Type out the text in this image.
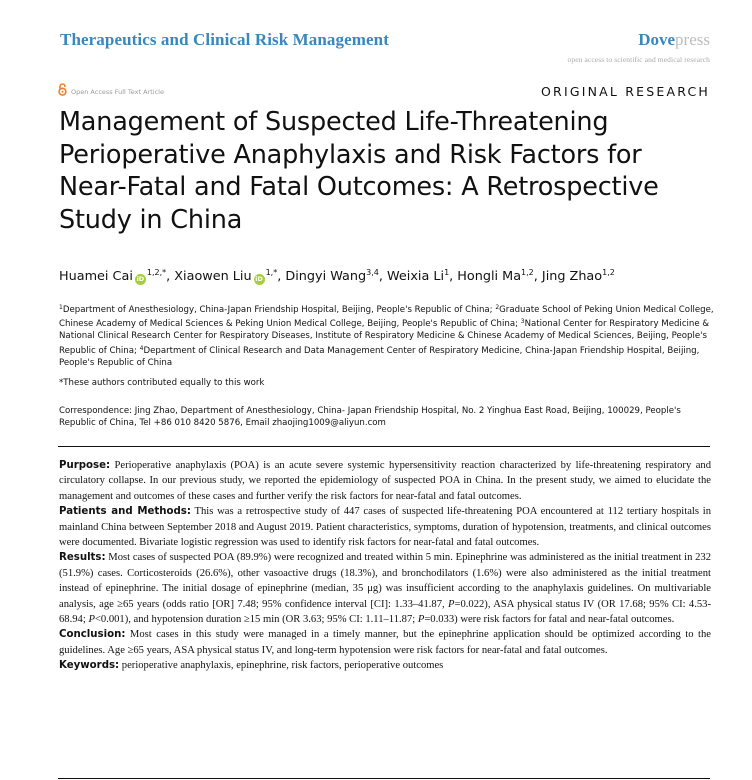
Therapeutics and Clinical Risk Management	Dovepress
open access to scientific and medical research
Open Access Full Text Article	ORIGINAL RESEARCH
Management of Suspected Life-Threatening Perioperative Anaphylaxis and Risk Factors for Near-Fatal and Fatal Outcomes: A Retrospective Study in China
Huamei Cai $iD^{1,2,*}$, Xiaowen Liu $iD^{1,*}$, Dingyi Wang$^{3,4}$, Weixia Li$^1$, Hongli Ma$^{1,2}$, Jing Zhao$^{1,2}$
$^1$Department of Anesthesiology, China-Japan Friendship Hospital, Beijing, People's Republic of China; $^2$Graduate School of Peking Union Medical College, Chinese Academy of Medical Sciences & Peking Union Medical College, Beijing, People's Republic of China; $^3$National Center for Respiratory Medicine & National Clinical Research Center for Respiratory Diseases, Institute of Respiratory Medicine & Chinese Academy of Medical Sciences, Beijing, People's Republic of China; $^4$Department of Clinical Research and Data Management Center of Respiratory Medicine, China-Japan Friendship Hospital, Beijing, People's Republic of China
*These authors contributed equally to this work
Correspondence: Jing Zhao, Department of Anesthesiology, China- Japan Friendship Hospital, No. 2 Yinghua East Road, Beijing, 100029, People's Republic of China, Tel +86 010 8420 5876, Email zhaojing1009@aliyun.com

Purpose: Perioperative anaphylaxis (POA) is an acute severe systemic hypersensitivity reaction characterized by life-threatening respiratory and circulatory collapse. In our previous study, we reported the epidemiology of suspected POA in China. In the present study, we aimed to elucidate the management and outcomes of these cases and further verify the risk factors for near-fatal and fatal outcomes.

Patients and Methods: This was a retrospective study of 447 cases of suspected life-threatening POA encountered at 112 tertiary hospitals in mainland China between September 2018 and August 2019. Patient characteristics, symptoms, duration of hypotension, treatments, and clinical outcomes were documented. Bivariate logistic regression was used to identify risk factors for near-fatal and fatal outcomes.

Results: Most cases of suspected POA (89.9%) were recognized and treated within 5 min. Epinephrine was administered as the initial treatment in 232 (51.9%) cases. Corticosteroids (26.6%), other vasoactive drugs (18.3%), and bronchodilators (1.6%) were also administered as the initial treatment instead of epinephrine. The initial dosage of epinephrine (median, 35 μg) was insufficient according to the anaphylaxis guidelines. On multivariable analysis, age ≥65 years (odds ratio [OR] 7.48; 95% confidence interval [CI]: 1.33–41.87, P=0.022), ASA physical status IV (OR 17.68; 95% CI: 4.53-68.94; P<0.001), and hypotension duration ≥15 min (OR 3.63; 95% CI: 1.11–11.87; P=0.033) were risk factors for fatal and near-fatal outcomes.

Conclusion: Most cases in this study were managed in a timely manner, but the epinephrine application should be optimized according to the guidelines. Age ≥65 years, ASA physical status IV, and long-term hypotension were risk factors for near-fatal and fatal outcomes.

Keywords: perioperative anaphylaxis, epinephrine, risk factors, perioperative outcomes
